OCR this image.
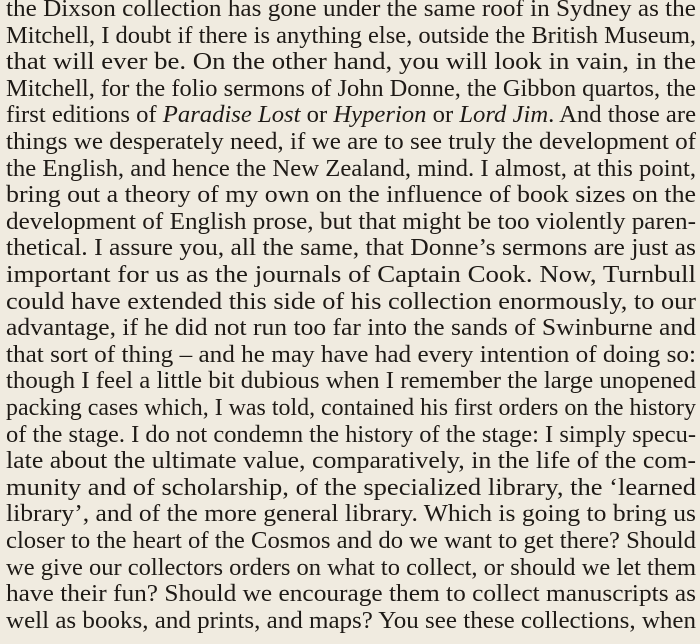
the Dixson collection has gone under the same roof in Sydney as the
Mitchell, I doubt if there is anything else, outside the British Museum,
that will ever be. On the other hand, you will look in vain, in the
Mitchell, for the folio sermons of John Donne, the Gibbon quartos, the
first editions of Paradise Lost or Hyperion or Lord Jim. And those are
things we desperately need, if we are to see truly the development of
the English, and hence the New Zealand, mind. I almost, at this point,
bring out a theory of my own on the influence of book sizes on the
development of English prose, but that might be too violently paren-
thetical. I assure you, all the same, that Donne’s sermons are just as
important for us as the journals of Captain Cook. Now, Turnbull
could have extended this side of his collection enormously, to our
advantage, if he did not run too far into the sands of Swinburne and
that sort of thing – and he may have had every intention of doing so:
though I feel a little bit dubious when I remember the large unopened
packing cases which, I was told, contained his first orders on the history
of the stage. I do not condemn the history of the stage: I simply specu-
late about the ultimate value, comparatively, in the life of the com-
munity and of scholarship, of the specialized library, the ‘learned
library’, and of the more general library. Which is going to bring us
closer to the heart of the Cosmos and do we want to get there? Should
we give our collectors orders on what to collect, or should we let them
have their fun? Should we encourage them to collect manuscripts as
well as books, and prints, and maps? You see these collections, when
